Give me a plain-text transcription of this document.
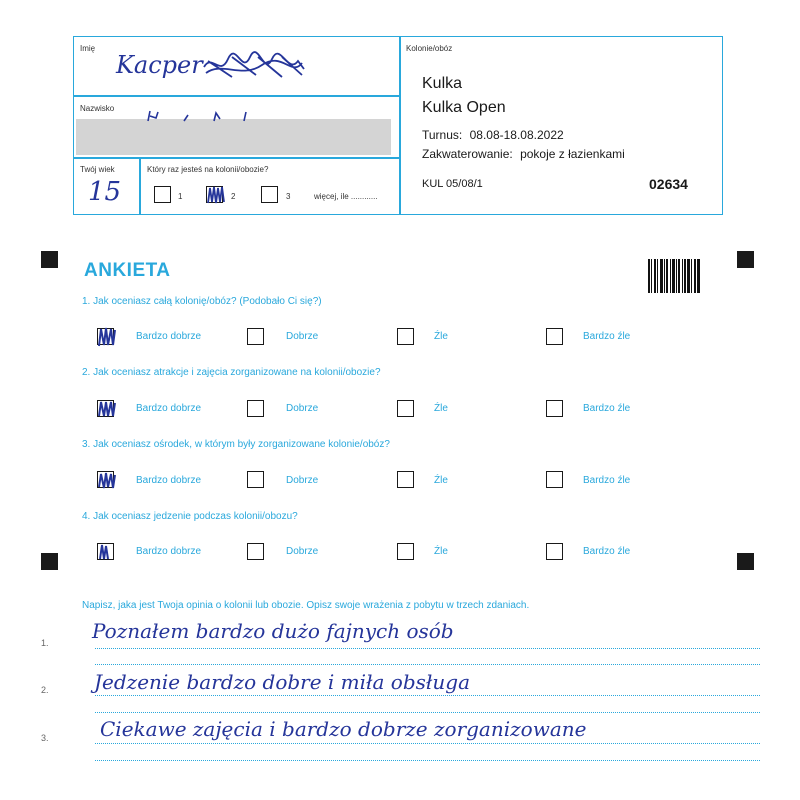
Imię
Kacper
Nazwisko
Twój wiek
15
Który raz jesteś na kolonii/obozie?
1	2	3	więcej, ile ............
Kolonie/obóz
Kulka
Kulka Open
Turnus: 08.08-18.08.2022
Zakwaterowanie: pokoje z łazienkami
KUL 05/08/1	02634
ANKIETA
1. Jak oceniasz całą kolonię/obóz? (Podobało Ci się?)
Bardzo dobrze	Dobrze	Źle	Bardzo źle
2. Jak oceniasz atrakcje i zajęcia zorganizowane na kolonii/obozie?
Bardzo dobrze	Dobrze	Źle	Bardzo źle
3. Jak oceniasz ośrodek, w którym były zorganizowane kolonie/obóz?
Bardzo dobrze	Dobrze	Źle	Bardzo źle
4. Jak oceniasz jedzenie podczas kolonii/obozu?
Bardzo dobrze	Dobrze	Źle	Bardzo źle
Napisz, jaka jest Twoja opinia o kolonii lub obozie. Opisz swoje wrażenia z pobytu w trzech zdaniach.
1. Poznałem bardzo dużo fajnych osób
2. Jedzenie bardzo dobre i miła obsługa
3.	Ciekawe zajęcia i bardzo dobrze zorganizowane
